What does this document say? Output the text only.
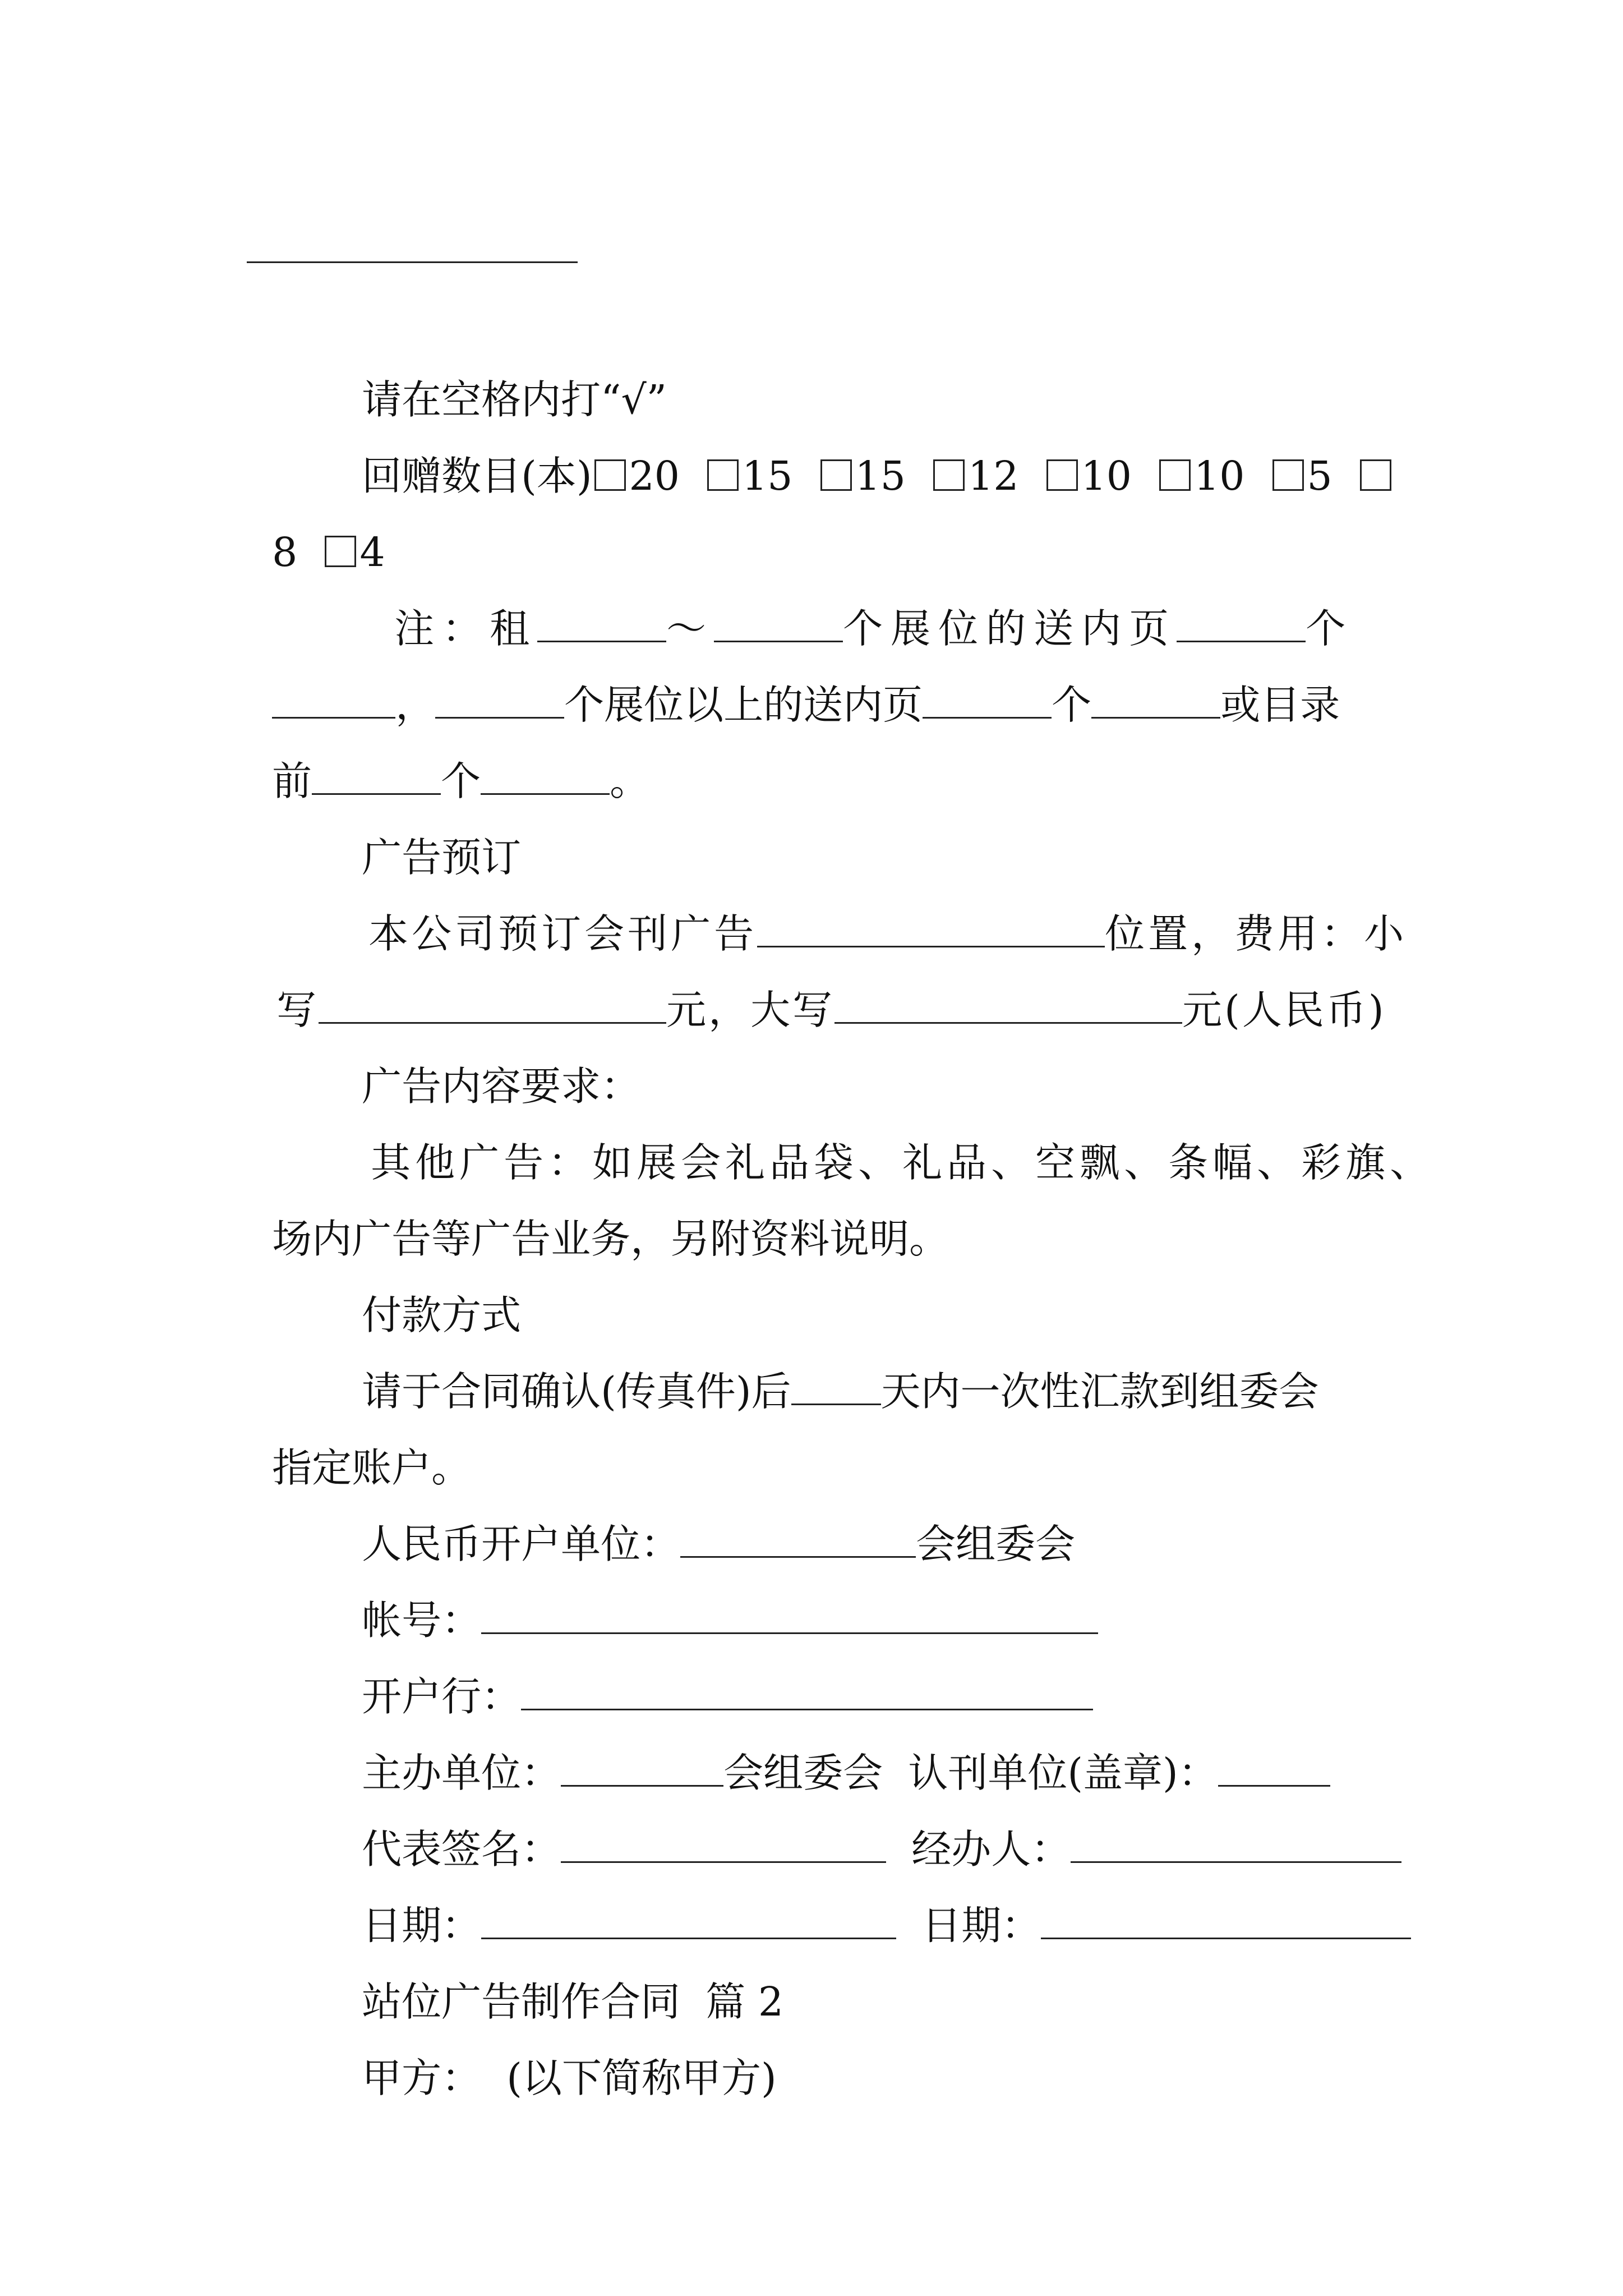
请在空格内打“√”

回赠数目(本) 20 15 15 12 10 10 5

8 4

注：租	～	个展位的送内页	个

，	个展位以上的送内页	个	或目录

前	个	。

广告预订

本公司预订会刊广告	位置，费用：小

写	元，大写	元(人民币)

广告内容要求：

其他广告：如展会礼品袋、礼品、空飘、条幅、彩旗、

场内广告等广告业务，另附资料说明。

付款方式

请于合同确认(传真件)后 天内一次性汇款到组委会

指定账户。

人民币开户单位：	会组委会

帐号：

开户行：

主办单位：	会组委会 认刊单位(盖章)：

代表签名：	经办人：

日期：	日期：

站位广告制作合同  篇 2

甲方：  (以下简称甲方)
